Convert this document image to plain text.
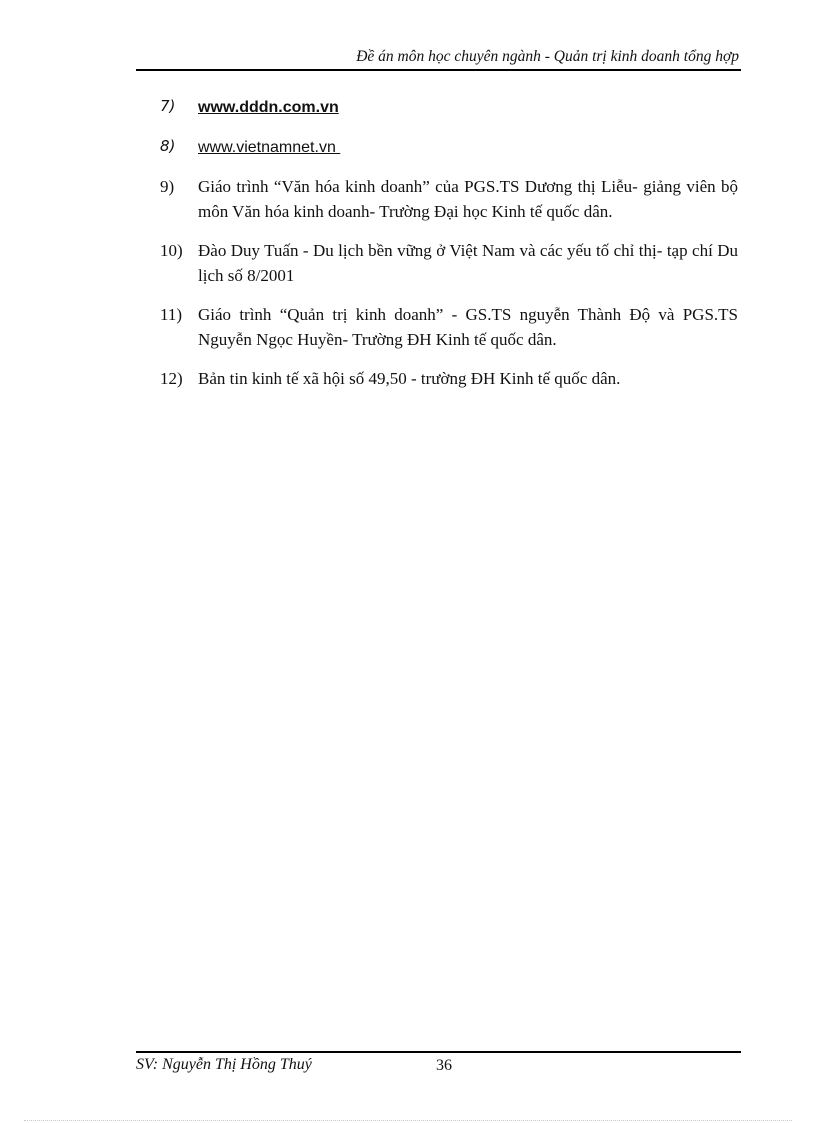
Đề án môn học chuyên ngành - Quản trị kinh doanh tổng hợp
7)	www.dddn.com.vn
8)	www.vietnamnet.vn
9)	Giáo trình “Văn hóa kinh doanh” của PGS.TS Dương thị Liễu- giảng viên bộ môn Văn hóa kinh doanh- Trường Đại học Kinh tế quốc dân.
10) Đào Duy Tuấn - Du lịch bền vững ở Việt Nam và các yếu tố chỉ thị- tạp chí Du lịch số 8/2001
11) Giáo trình “Quản trị kinh doanh” - GS.TS nguyễn Thành Độ và PGS.TS Nguyễn Ngọc Huyền- Trường ĐH Kinh tế quốc dân.
12) Bản tin kinh tế xã hội số 49,50 - trường ĐH Kinh tế quốc dân.
SV: Nguyễn Thị Hồng Thuý	36
